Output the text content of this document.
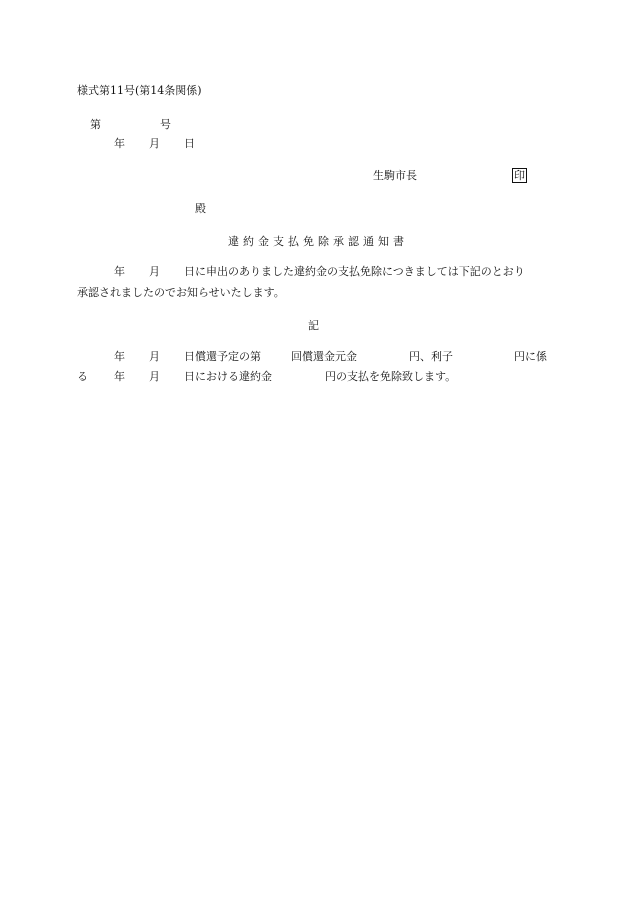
様式第11号(第14条関係)
第	号
年 月 日
生駒市長	印
殿
違約金支払免除承認通知書
年 月 日に申出のありました違約金の支払免除につきましては下記のとおり
承認されましたのでお知らせいたします。
記
年 月 日償還予定の第	回償還金元金	円、利子	円に係
る 年 月 日における違約金	円の支払を免除致します。
